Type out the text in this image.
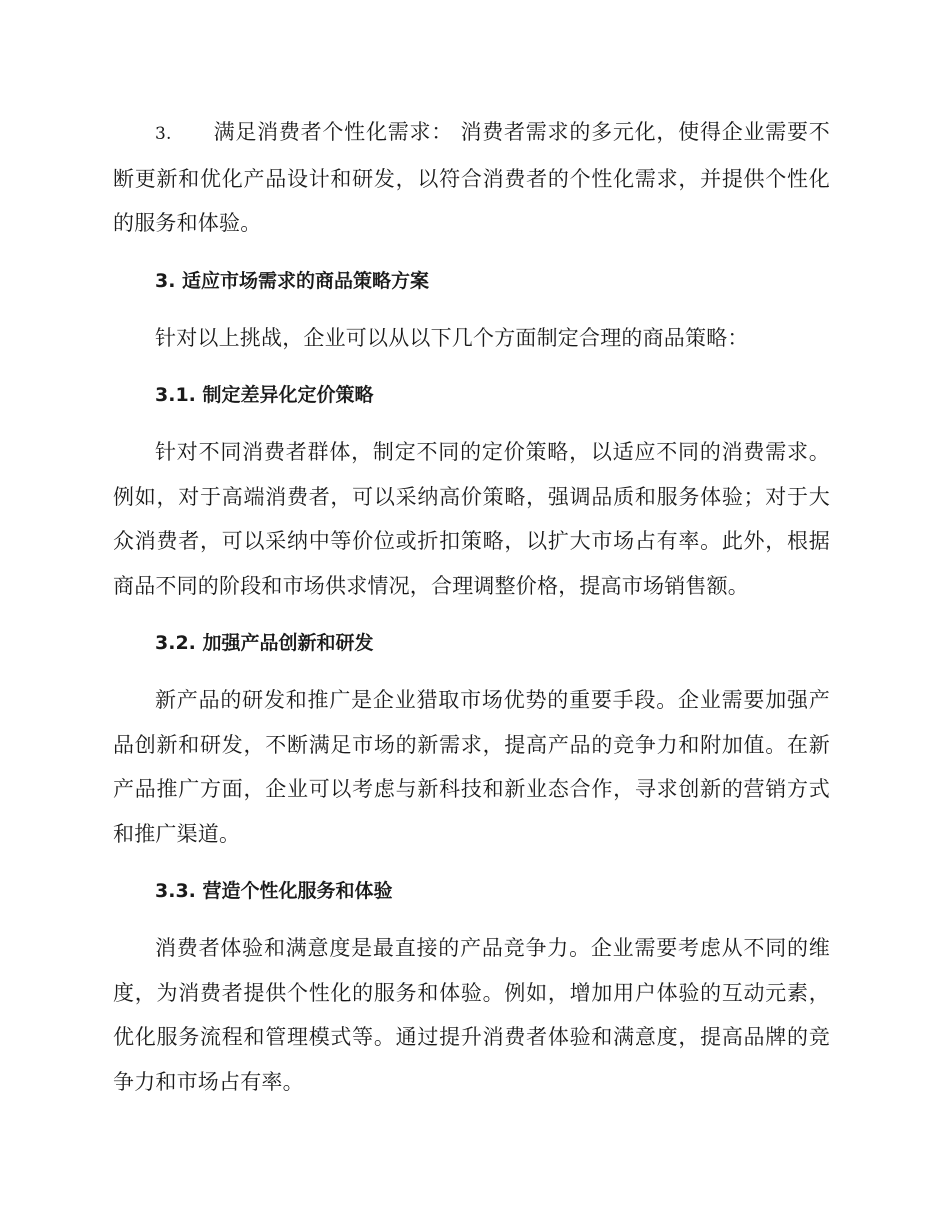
3. 满足消费者个性化需求： 消费者需求的多元化，使得企业需要不断更新和优化产品设计和研发，以符合消费者的个性化需求，并提供个性化的服务和体验。

3. 适应市场需求的商品策略方案

针对以上挑战，企业可以从以下几个方面制定合理的商品策略：

3.1. 制定差异化定价策略

针对不同消费者群体，制定不同的定价策略，以适应不同的消费需求。例如，对于高端消费者，可以采纳高价策略，强调品质和服务体验；对于大众消费者，可以采纳中等价位或折扣策略，以扩大市场占有率。此外，根据商品不同的阶段和市场供求情况，合理调整价格，提高市场销售额。

3.2. 加强产品创新和研发

新产品的研发和推广是企业猎取市场优势的重要手段。企业需要加强产品创新和研发，不断满足市场的新需求，提高产品的竞争力和附加值。在新产品推广方面，企业可以考虑与新科技和新业态合作，寻求创新的营销方式和推广渠道。

3.3. 营造个性化服务和体验

消费者体验和满意度是最直接的产品竞争力。企业需要考虑从不同的维度，为消费者提供个性化的服务和体验。例如，增加用户体验的互动元素，优化服务流程和管理模式等。通过提升消费者体验和满意度，提高品牌的竞争力和市场占有率。
